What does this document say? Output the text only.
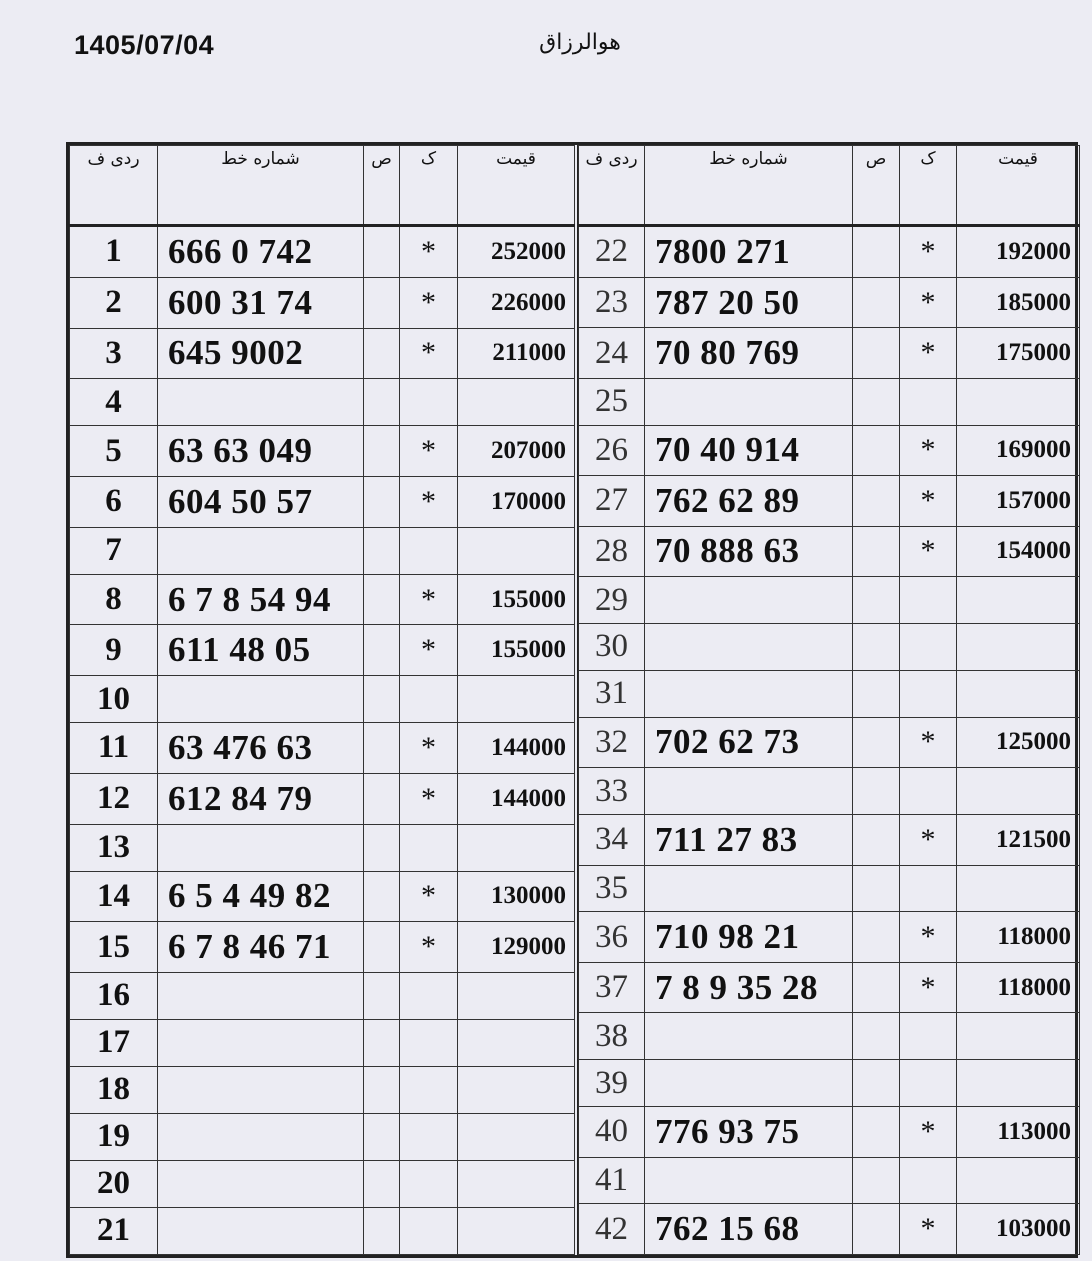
1405/07/04	هوالرزاق
ردی ف	شماره خط	ص	ک	قیمت
1	666 0 742		*	252000
2	600 31 74		*	226000
3	645 9002		*	211000
4				
5	63 63 049		*	207000
6	604 50 57		*	170000
7				
8	6 7 8 54 94		*	155000
9	611 48 05		*	155000
10				
11	63 476 63		*	144000
12	612 84 79		*	144000
13				
14	6 5 4 49 82		*	130000
15	6 7 8 46 71		*	129000
16				
17				
18				
19				
20				
21				
ردی ف	شماره خط	ص	ک	قیمت
22	7800 271		*	192000
23	787 20 50		*	185000
24	70 80 769		*	175000
25				
26	70 40 914		*	169000
27	762 62 89		*	157000
28	70 888 63		*	154000
29				
30				
31				
32	702 62 73		*	125000
33				
34	711 27 83		*	121500
35				
36	710 98 21		*	118000
37	7 8 9 35 28		*	118000
38				
39				
40	776 93 75		*	113000
41				
42	762 15 68		*	103000
